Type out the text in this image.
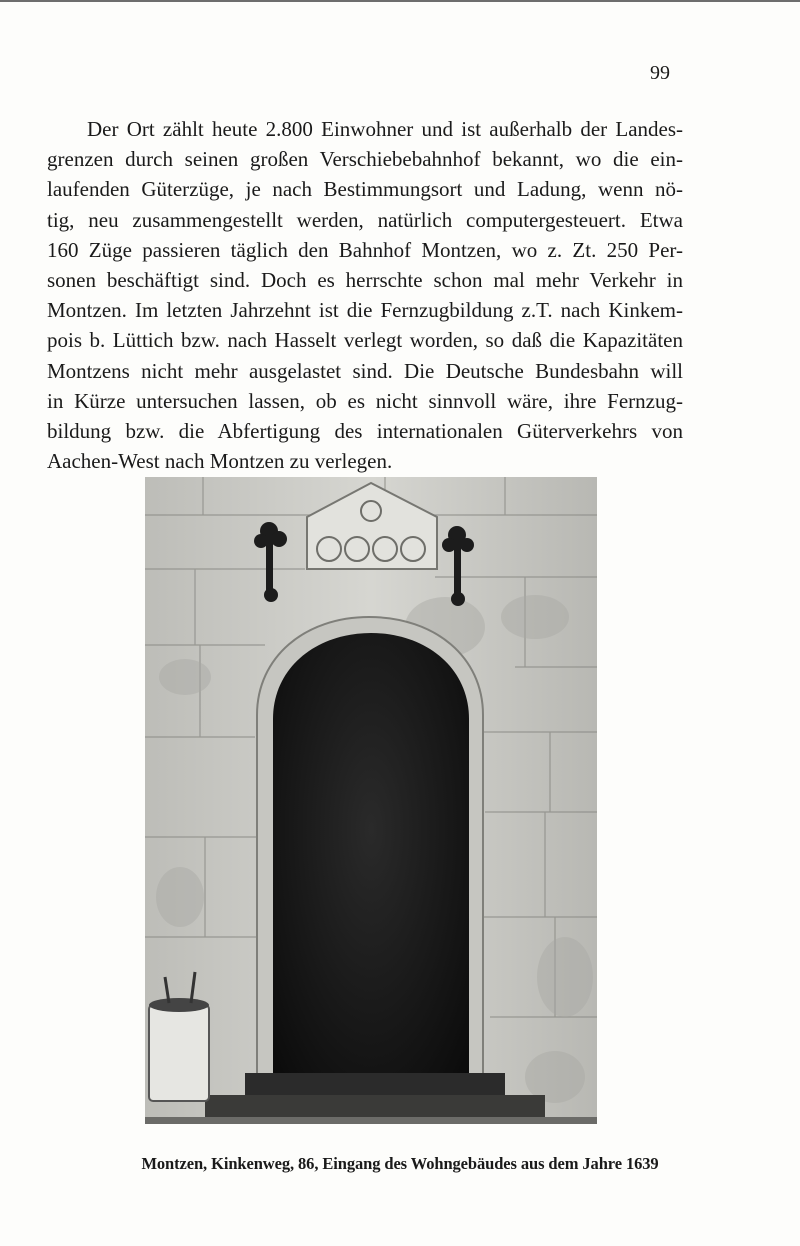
99
Der Ort zählt heute 2.800 Einwohner und ist außerhalb der Landes-
grenzen durch seinen großen Verschiebebahnhof bekannt, wo die ein-
laufenden Güterzüge, je nach Bestimmungsort und Ladung, wenn nö-
tig, neu zusammengestellt werden, natürlich computergesteuert. Etwa
160 Züge passieren täglich den Bahnhof Montzen, wo z. Zt. 250 Per-
sonen beschäftigt sind. Doch es herrschte schon mal mehr Verkehr in
Montzen. Im letzten Jahrzehnt ist die Fernzugbildung z.T. nach Kinkem-
pois b. Lüttich bzw. nach Hasselt verlegt worden, so daß die Kapazitäten
Montzens nicht mehr ausgelastet sind. Die Deutsche Bundesbahn will
in Kürze untersuchen lassen, ob es nicht sinnvoll wäre, ihre Fernzug-
bildung bzw. die Abfertigung des internationalen Güterverkehrs von
Aachen-West nach Montzen zu verlegen.
Montzen, Kinkenweg, 86, Eingang des Wohngebäudes aus dem Jahre 1639
